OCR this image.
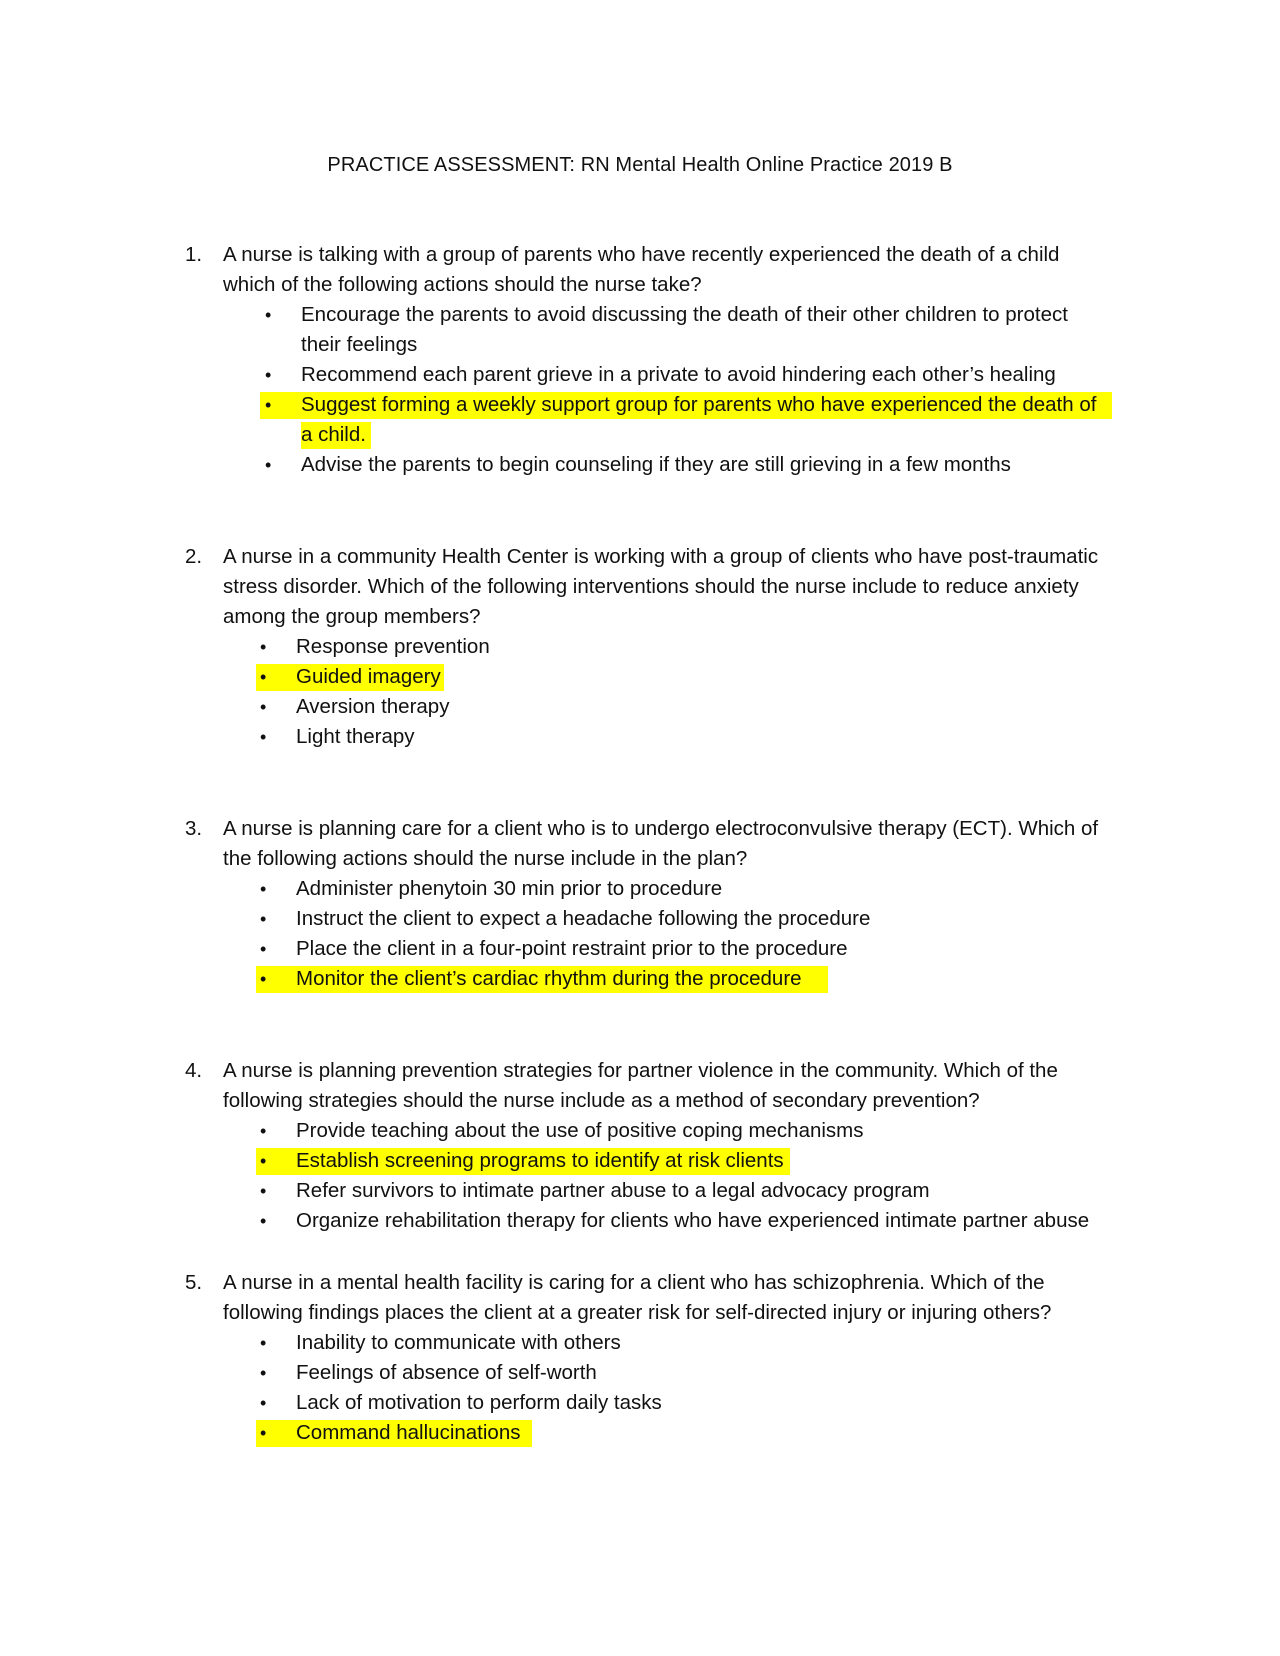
PRACTICE ASSESSMENT: RN Mental Health Online Practice 2019 B
1. A nurse is talking with a group of parents who have recently experienced the death of a child which of the following actions should the nurse take?
• Encourage the parents to avoid discussing the death of their other children to protect their feelings
• Recommend each parent grieve in a private to avoid hindering each other’s healing
• Suggest forming a weekly support group for parents who have experienced the death of a child.
• Advise the parents to begin counseling if they are still grieving in a few months
2. A nurse in a community Health Center is working with a group of clients who have post-traumatic stress disorder. Which of the following interventions should the nurse include to reduce anxiety among the group members?
• Response prevention
• Guided imagery
• Aversion therapy
• Light therapy
3. A nurse is planning care for a client who is to undergo electroconvulsive therapy (ECT). Which of the following actions should the nurse include in the plan?
• Administer phenytoin 30 min prior to procedure
• Instruct the client to expect a headache following the procedure
• Place the client in a four-point restraint prior to the procedure
• Monitor the client’s cardiac rhythm during the procedure
4. A nurse is planning prevention strategies for partner violence in the community. Which of the following strategies should the nurse include as a method of secondary prevention?
• Provide teaching about the use of positive coping mechanisms
• Establish screening programs to identify at risk clients
• Refer survivors to intimate partner abuse to a legal advocacy program
• Organize rehabilitation therapy for clients who have experienced intimate partner abuse
5. A nurse in a mental health facility is caring for a client who has schizophrenia. Which of the following findings places the client at a greater risk for self-directed injury or injuring others?
• Inability to communicate with others
• Feelings of absence of self-worth
• Lack of motivation to perform daily tasks
• Command hallucinations
